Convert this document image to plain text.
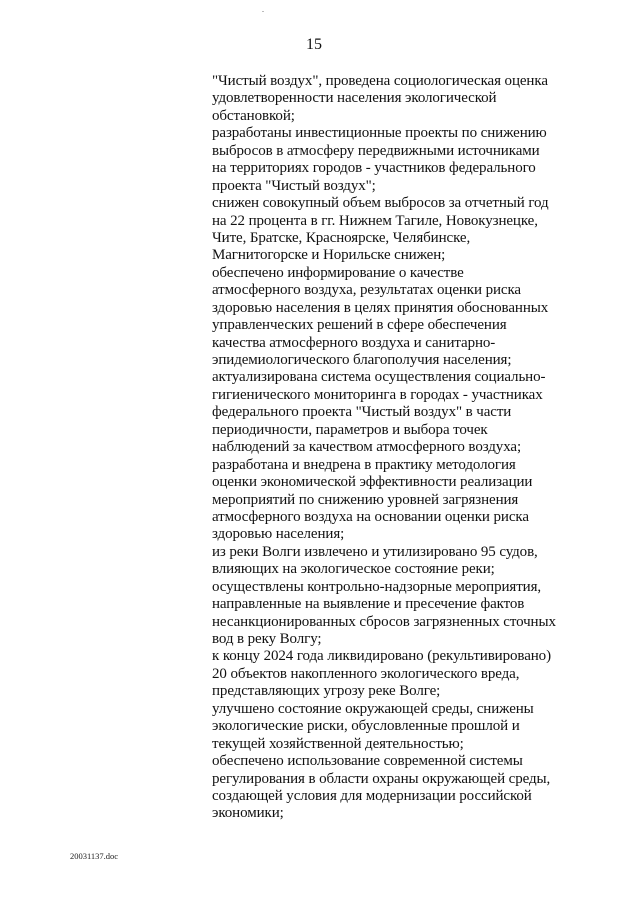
15
"Чистый воздух", проведена социологическая оценка
удовлетворенности населения экологической
обстановкой;
разработаны инвестиционные проекты по снижению
выбросов в атмосферу передвижными источниками
на территориях городов - участников федерального
проекта "Чистый воздух";
снижен совокупный объем выбросов за отчетный год
на 22 процента в гг. Нижнем Тагиле, Новокузнецке,
Чите, Братске, Красноярске, Челябинске,
Магнитогорске и Норильске снижен;
обеспечено информирование о качестве
атмосферного воздуха, результатах оценки риска
здоровью населения в целях принятия обоснованных
управленческих решений в сфере обеспечения
качества атмосферного воздуха и санитарно-
эпидемиологического благополучия населения;
актуализирована система осуществления социально-
гигиенического мониторинга в городах - участниках
федерального проекта "Чистый воздух" в части
периодичности, параметров и выбора точек
наблюдений за качеством атмосферного воздуха;
разработана и внедрена в практику методология
оценки экономической эффективности реализации
мероприятий по снижению уровней загрязнения
атмосферного воздуха на основании оценки риска
здоровью населения;
из реки Волги извлечено и утилизировано 95 судов,
влияющих на экологическое состояние реки;
осуществлены контрольно-надзорные мероприятия,
направленные на выявление и пресечение фактов
несанкционированных сбросов загрязненных сточных
вод в реку Волгу;
к концу 2024 года ликвидировано (рекультивировано)
20 объектов накопленного экологического вреда,
представляющих угрозу реке Волге;
улучшено состояние окружающей среды, снижены
экологические риски, обусловленные прошлой и
текущей хозяйственной деятельностью;
обеспечено использование современной системы
регулирования в области охраны окружающей среды,
создающей условия для модернизации российской
экономики;
20031137.doc
